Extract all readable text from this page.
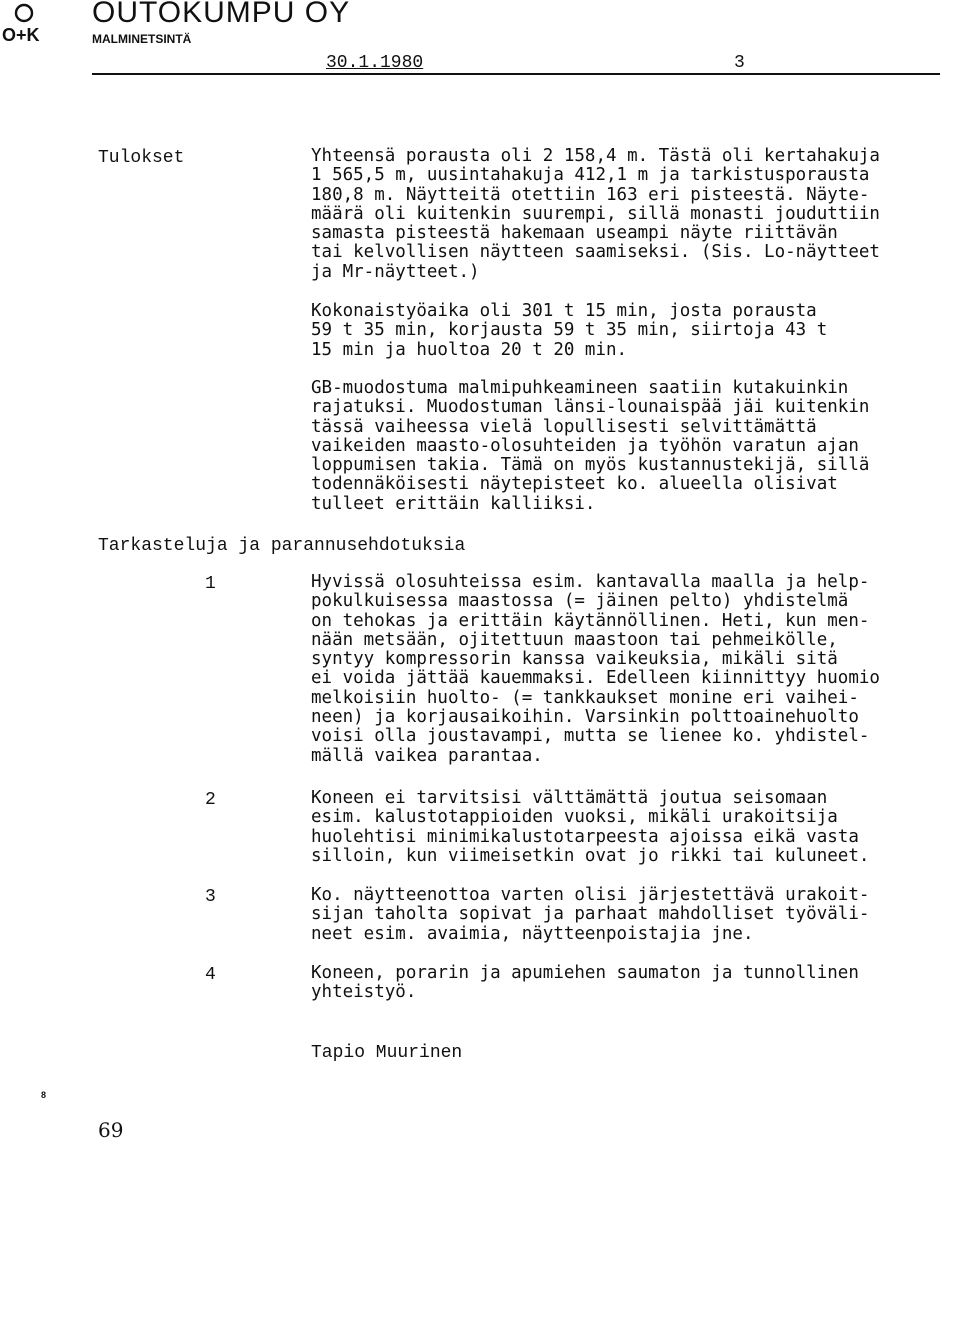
O+K
OUTOKUMPU OY
MALMINETSINTÄ
30.1.1980	3
Tulokset	Yhteensä porausta oli 2 158,4 m. Tästä oli kertahakuja
1 565,5 m, uusintahakuja 412,1 m ja tarkistusporausta
180,8 m. Näytteitä otettiin 163 eri pisteestä. Näyte-
määrä oli kuitenkin suurempi, sillä monasti jouduttiin
samasta pisteestä hakemaan useampi näyte riittävän
tai kelvollisen näytteen saamiseksi. (Sis. Lo-näytteet
ja Mr-näytteet.)
Kokonaistyöaika oli 301 t 15 min, josta porausta
59 t 35 min, korjausta 59 t 35 min, siirtoja 43 t
15 min ja huoltoa 20 t 20 min.
GB-muodostuma malmipuhkeamineen saatiin kutakuinkin
rajatuksi. Muodostuman länsi-lounaispää jäi kuitenkin
tässä vaiheessa vielä lopullisesti selvittämättä
vaikeiden maasto-olosuhteiden ja työhön varatun ajan
loppumisen takia. Tämä on myös kustannustekijä, sillä
todennäköisesti näytepisteet ko. alueella olisivat
tulleet erittäin kalliiksi.
Tarkasteluja ja parannusehdotuksia
1	Hyvissä olosuhteissa esim. kantavalla maalla ja help-
pokulkuisessa maastossa (= jäinen pelto) yhdistelmä
on tehokas ja erittäin käytännöllinen. Heti, kun men-
nään metsään, ojitettuun maastoon tai pehmeikölle,
syntyy kompressorin kanssa vaikeuksia, mikäli sitä
ei voida jättää kauemmaksi. Edelleen kiinnittyy huomio
melkoisiin huolto- (= tankkaukset monine eri vaihei-
neen) ja korjausaikoihin. Varsinkin polttoainehuolto
voisi olla joustavampi, mutta se lienee ko. yhdistel-
mällä vaikea parantaa.
2	Koneen ei tarvitsisi välttämättä joutua seisomaan
esim. kalustotappioiden vuoksi, mikäli urakoitsija
huolehtisi minimikalustotarpeesta ajoissa eikä vasta
silloin, kun viimeisetkin ovat jo rikki tai kuluneet.
3	Ko. näytteenottoa varten olisi järjestettävä urakoit-
sijan taholta sopivat ja parhaat mahdolliset työväli-
neet esim. avaimia, näytteenpoistajia jne.
4	Koneen, porarin ja apumiehen saumaton ja tunnollinen
yhteistyö.
Tapio Muurinen
8
69
